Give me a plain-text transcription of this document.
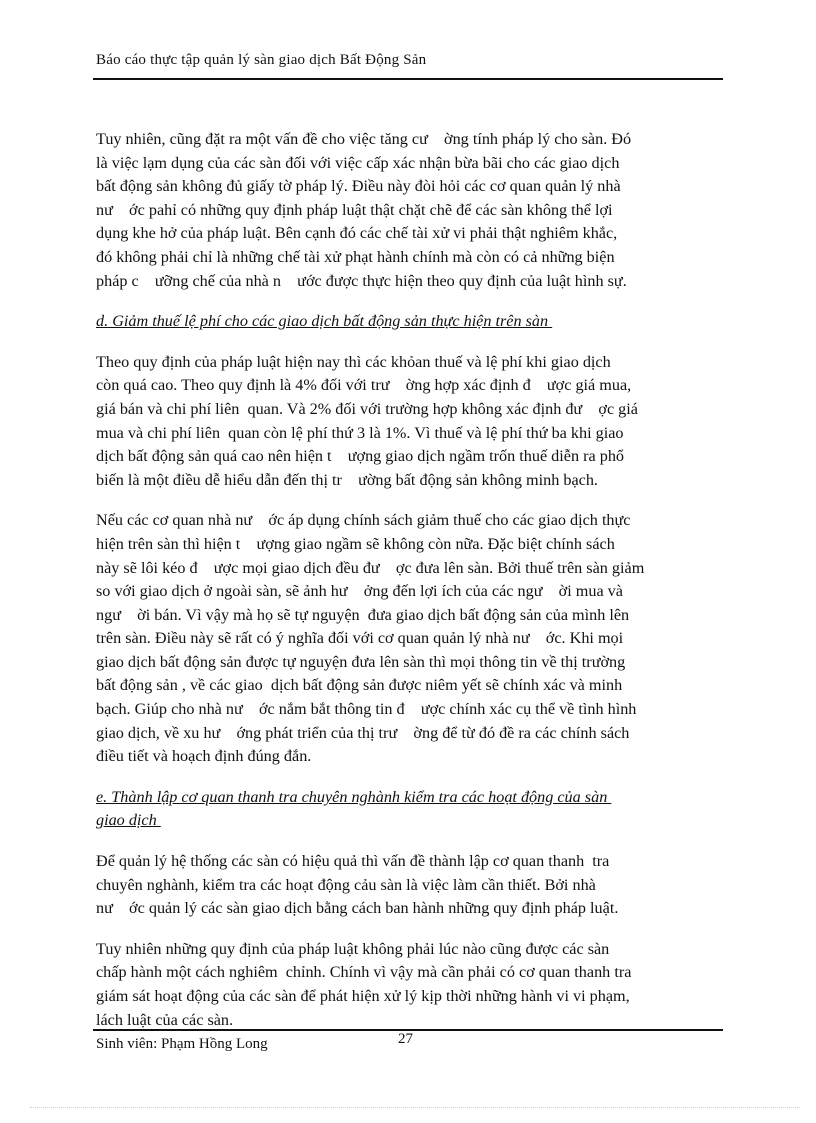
Báo cáo thực tập quản lý sàn giao dịch Bất Động Sản
Tuy nhiên, cũng đặt ra một vấn đề cho việc tăng cư    ờng tính pháp lý cho sàn. Đó
là việc lạm dụng của các sàn đối với việc cấp xác nhận bừa bãi cho các giao dịch
bất động sản không đủ giấy tờ pháp lý. Điều này đòi hỏi các cơ quan quản lý nhà
nư    ớc pahỉ có những quy định pháp luật thật chặt chẽ để các sàn không thể lợi
dụng khe hở của pháp luật. Bên cạnh đó các chế tài xử vi phải thật nghiêm khắc,
đó không phải chỉ là những chế tài xử phạt hành chính mà còn có cả những biện
pháp c    ưỡng chế của nhà n    ước được thực hiện theo quy định của luật hình sự.
d. Giảm thuế lệ phí cho các giao dịch bất động sản thực hiện trên sàn
Theo quy định của pháp luật hiện nay thì các khỏan thuế và lệ phí khi giao dịch
còn quá cao. Theo quy định là 4% đối với trư    ờng hợp xác định đ    ược giá mua,
giá bán và chi phí liên  quan. Và 2% đối với trường hợp không xác định đư    ợc giá
mua và chi phí liên  quan còn lệ phí thứ 3 là 1%. Vì thuế và lệ phí thứ ba khi giao
dịch bất động sản quá cao nên hiện t    ượng giao dịch ngầm trốn thuế diễn ra phổ
biến là một điều dễ hiểu dẫn đến thị tr    ường bất động sản không minh bạch.
Nếu các cơ quan nhà nư    ớc áp dụng chính sách giảm thuế cho các giao dịch thực
hiện trên sàn thì hiện t    ượng giao ngầm sẽ không còn nữa. Đặc biệt chính sách
này sẽ lôi kéo đ    ược mọi giao dịch đều đư    ợc đưa lên sàn. Bởi thuế trên sàn giảm
so với giao dịch ở ngoài sàn, sẽ ảnh hư    ởng đến lợi ích của các ngư    ời mua và
ngư    ời bán. Vì vậy mà họ sẽ tự nguyện  đưa giao dịch bất động sản của mình lên
trên sàn. Điều này sẽ rất có ý nghĩa đối với cơ quan quản lý nhà nư    ớc. Khi mọi
giao dịch bất động sản được tự nguyện đưa lên sàn thì mọi thông tin về thị trường
bất động sản , về các giao  dịch bất động sản được niêm yết sẽ chính xác và minh
bạch. Giúp cho nhà nư    ớc nắm bắt thông tin đ    ược chính xác cụ thể về tình hình
giao dịch, về xu hư    ớng phát triển của thị trư    ờng để từ đó đề ra các chính sách
điều tiết và hoạch định đúng đắn.
e. Thành lập cơ quan thanh tra chuyên nghành kiểm tra các hoạt động của sàn
giao dịch
Để quản lý hệ thống các sàn có hiệu quả thì vấn đề thành lập cơ quan thanh  tra
chuyên nghành, kiểm tra các hoạt động cảu sàn là việc làm cần thiết. Bởi nhà
nư    ớc quản lý các sàn giao dịch bằng cách ban hành những quy định pháp luật.
Tuy nhiên những quy định của pháp luật không phải lúc nào cũng được các sàn
chấp hành một cách nghiêm  chỉnh. Chính vì vậy mà cần phải có cơ quan thanh tra
giám sát hoạt động của các sàn để phát hiện xử lý kịp thời những hành vi vi phạm,
lách luật của các sàn.
Sinh viên: Phạm Hồng Long	27
